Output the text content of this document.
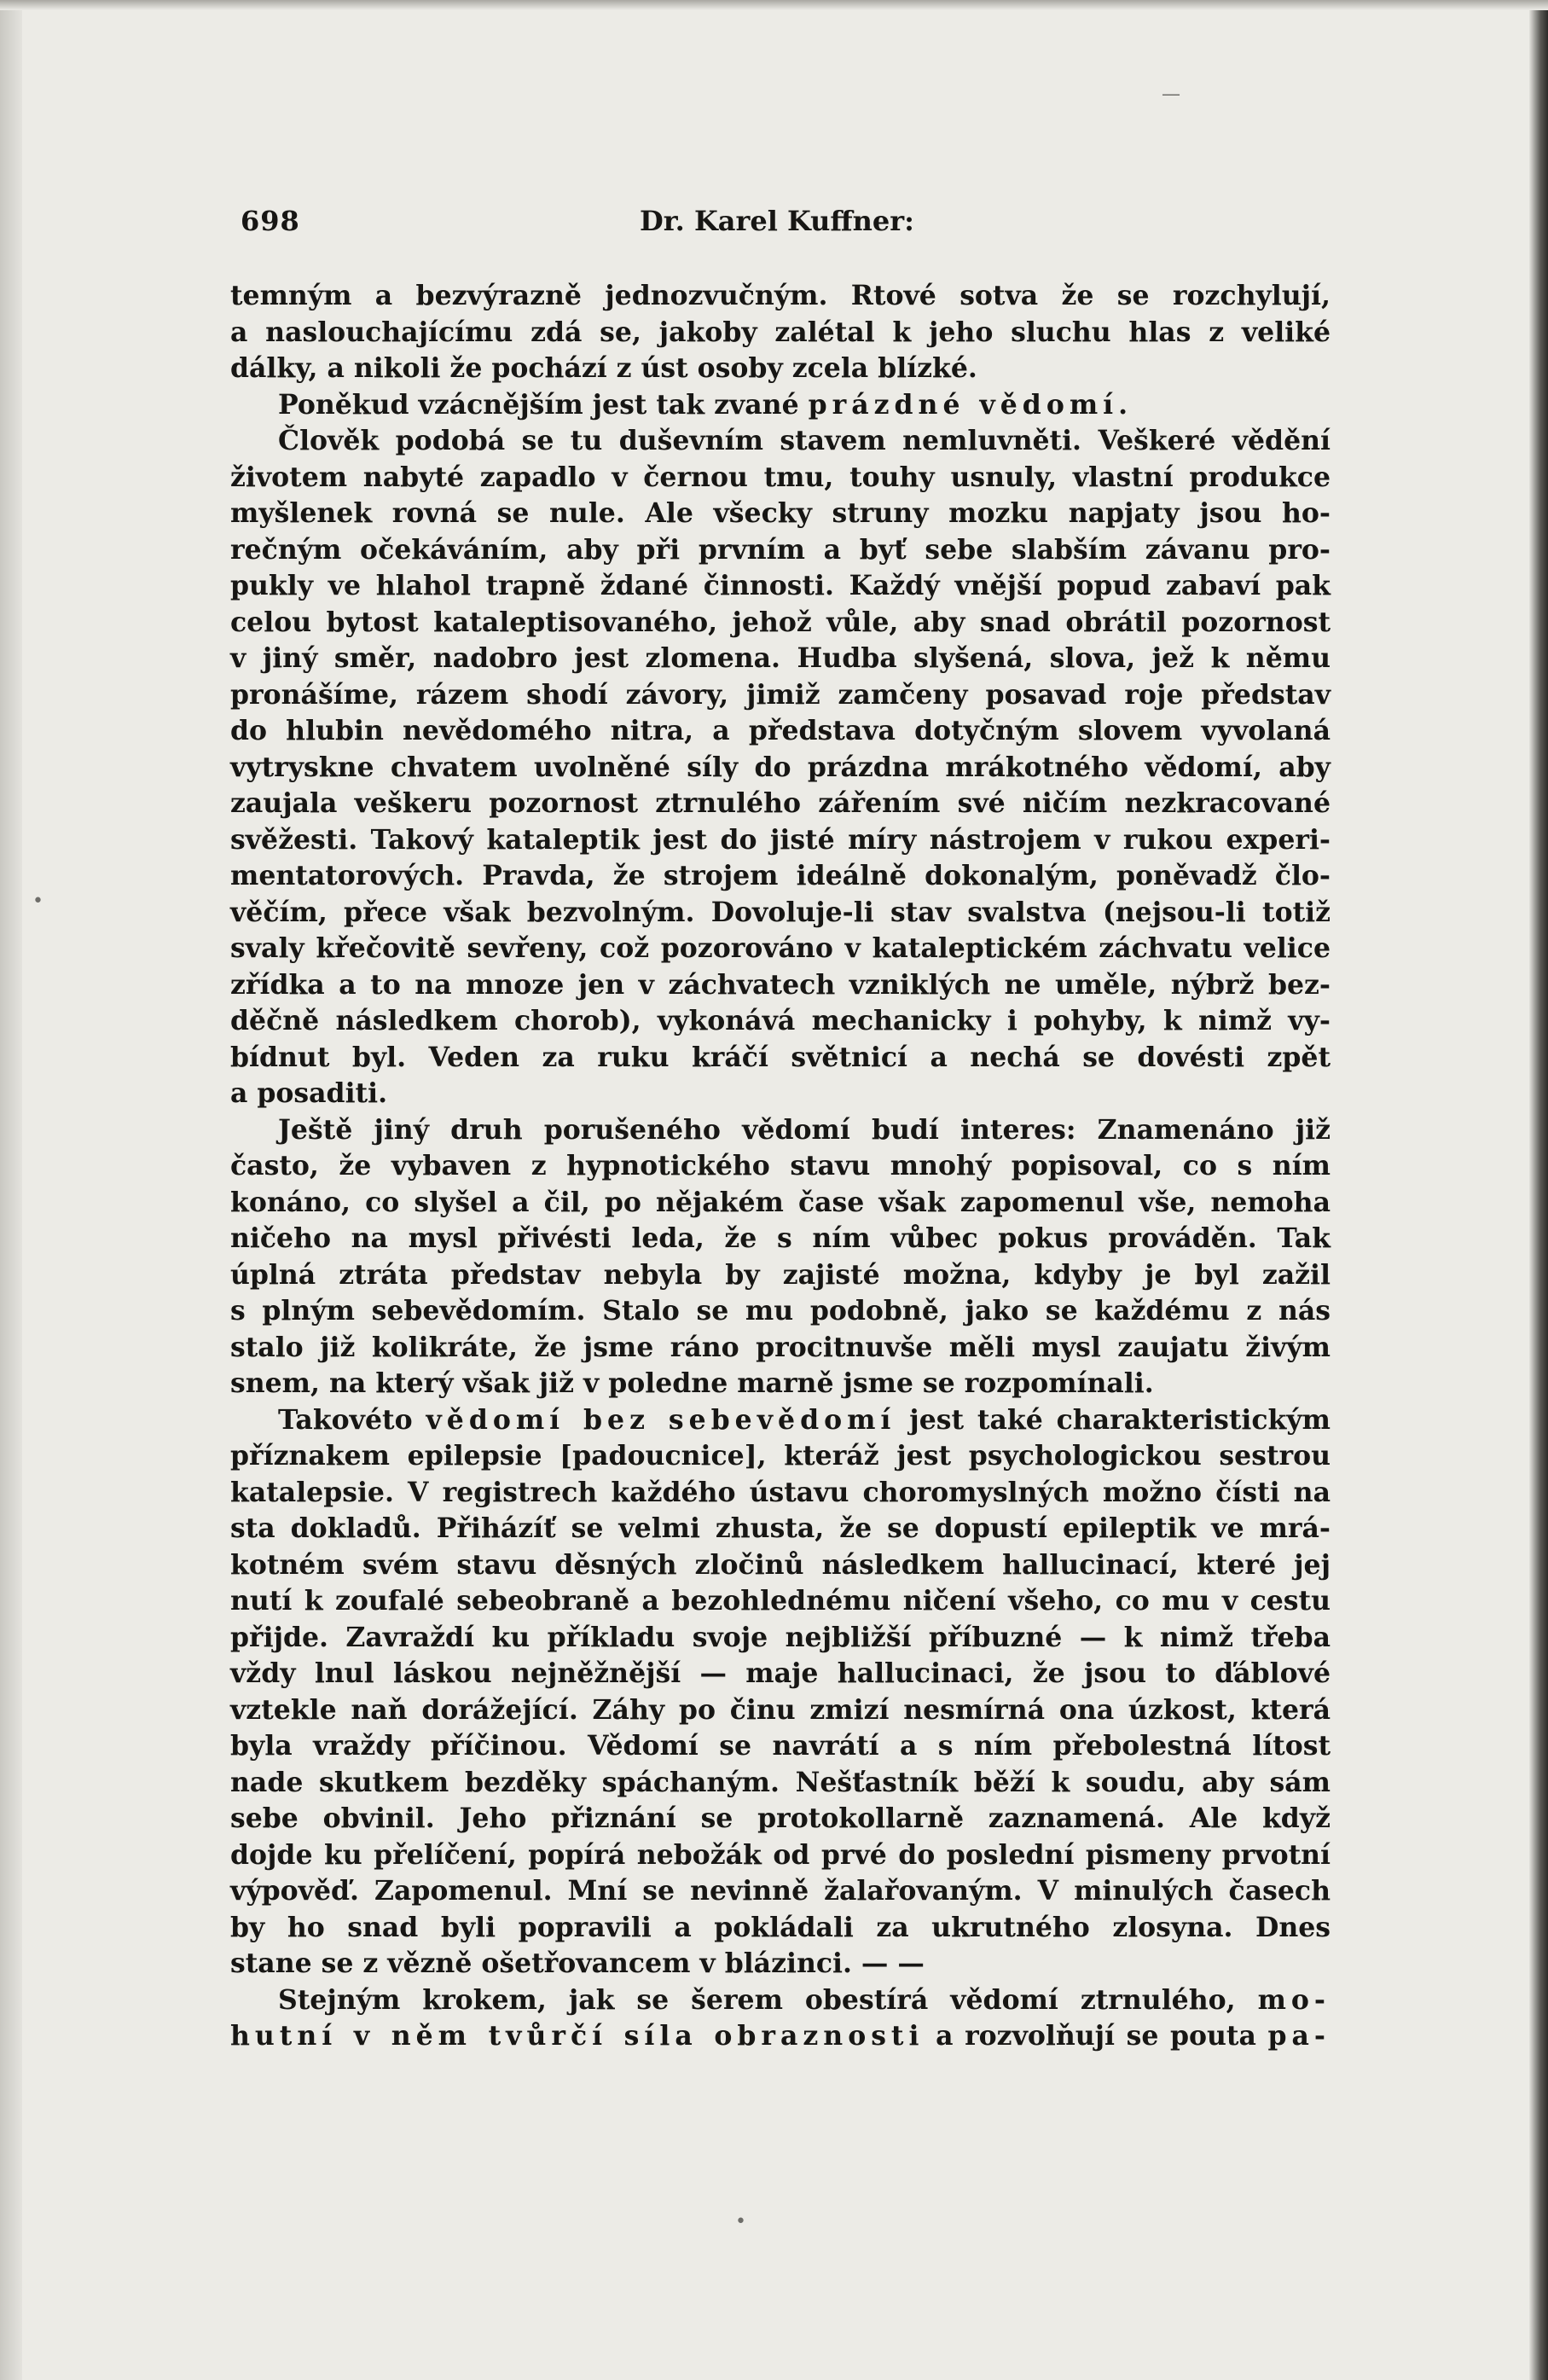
—
•
•
698	Dr. Karel Kuffner:
temným a bezvýrazně jednozvučným. Rtové sotva že se rozchylují,
a naslouchajícímu zdá se, jakoby zalétal k jeho sluchu hlas z veliké
dálky, a nikoli že pochází z úst osoby zcela blízké.
Poněkud vzácnějším jest tak zvané prázdné vědomí.
Člověk podobá se tu duševním stavem nemluvněti. Veškeré vědění
životem nabyté zapadlo v černou tmu, touhy usnuly, vlastní produkce
myšlenek rovná se nule. Ale všecky struny mozku napjaty jsou ho-
rečným očekáváním, aby při prvním a byť sebe slabším závanu pro-
pukly ve hlahol trapně ždané činnosti. Každý vnější popud zabaví pak
celou bytost kataleptisovaného, jehož vůle, aby snad obrátil pozornost
v jiný směr, nadobro jest zlomena. Hudba slyšená, slova, jež k němu
pronášíme, rázem shodí závory, jimiž zamčeny posavad roje představ
do hlubin nevědomého nitra, a představa dotyčným slovem vyvolaná
vytryskne chvatem uvolněné síly do prázdna mrákotného vědomí, aby
zaujala veškeru pozornost ztrnulého zářením své ničím nezkracované
svěžesti. Takový kataleptik jest do jisté míry nástrojem v rukou experi-
mentatorových. Pravda, že strojem ideálně dokonalým, poněvadž člo-
věčím, přece však bezvolným. Dovoluje-li stav svalstva (nejsou-li totiž
svaly křečovitě sevřeny, což pozorováno v kataleptickém záchvatu velice
zřídka a to na mnoze jen v záchvatech vzniklých ne uměle, nýbrž bez-
děčně následkem chorob), vykonává mechanicky i pohyby, k nimž vy-
bídnut byl. Veden za ruku kráčí světnicí a nechá se dovésti zpět
a posaditi.
Ještě jiný druh porušeného vědomí budí interes: Znamenáno již
často, že vybaven z hypnotického stavu mnohý popisoval, co s ním
konáno, co slyšel a čil, po nějakém čase však zapomenul vše, nemoha
ničeho na mysl přivésti leda, že s ním vůbec pokus prováděn. Tak
úplná ztráta představ nebyla by zajisté možna, kdyby je byl zažil
s plným sebevědomím. Stalo se mu podobně, jako se každému z nás
stalo již kolikráte, že jsme ráno procitnuvše měli mysl zaujatu živým
snem, na který však již v poledne marně jsme se rozpomínali.
Takovéto vědomí bez sebevědomí jest také charakteristickým
příznakem epilepsie [padoucnice], kteráž jest psychologickou sestrou
katalepsie. V registrech každého ústavu choromyslných možno čísti na
sta dokladů. Přiházíť se velmi zhusta, že se dopustí epileptik ve mrá-
kotném svém stavu děsných zločinů následkem hallucinací, které jej
nutí k zoufalé sebeobraně a bezohlednému ničení všeho, co mu v cestu
přijde. Zavraždí ku příkladu svoje nejbližší příbuzné — k nimž třeba
vždy lnul láskou nejněžnější — maje hallucinaci, že jsou to ďáblové
vztekle naň dorážející. Záhy po činu zmizí nesmírná ona úzkost, která
byla vraždy příčinou. Vědomí se navrátí a s ním přebolestná lítost
nade skutkem bezděky spáchaným. Nešťastník běží k soudu, aby sám
sebe obvinil. Jeho přiznání se protokollarně zaznamená. Ale když
dojde ku přelíčení, popírá nebožák od prvé do poslední pismeny prvotní
výpověď. Zapomenul. Mní se nevinně žalařovaným. V minulých časech
by ho snad byli popravili a pokládali za ukrutného zlosyna. Dnes
stane se z vězně ošetřovancem v blázinci. — —
Stejným krokem, jak se šerem obestírá vědomí ztrnulého, mo-
hutní v něm tvůrčí síla obraznosti a rozvolňují se pouta pa-
